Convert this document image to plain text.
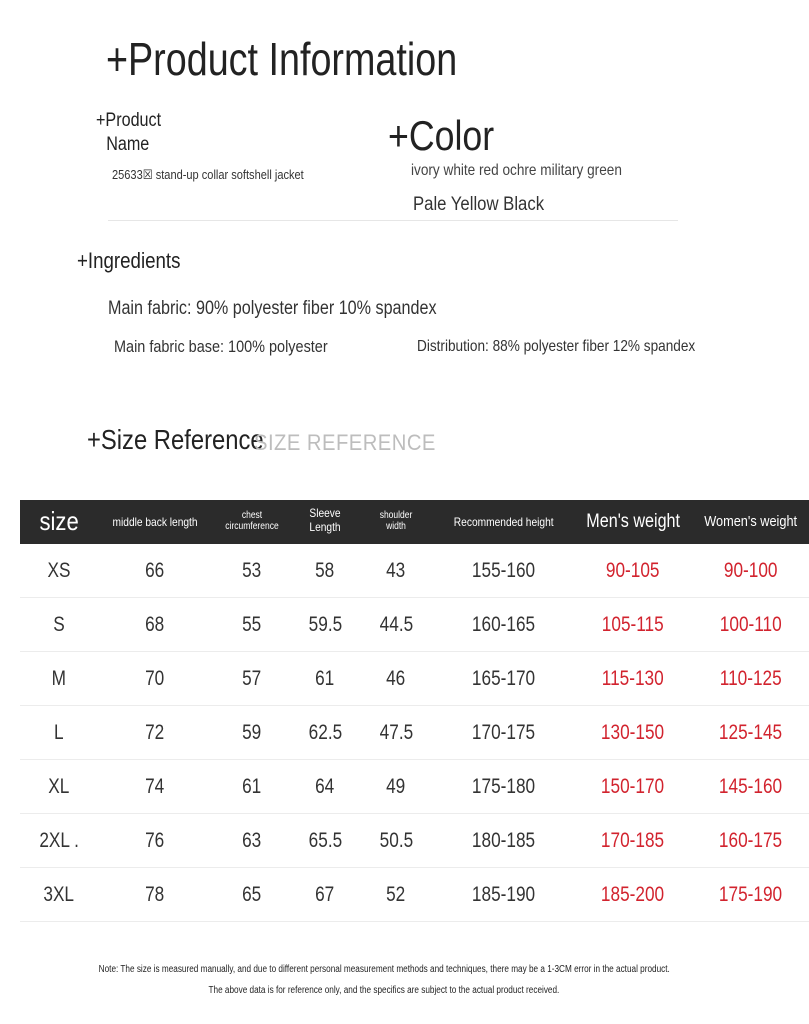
+Product Information
+Product
Name
25633☒ stand-up collar softshell jacket
+Color
ivory white red ochre military green
Pale Yellow Black
+Ingredients
Main fabric: 90% polyester fiber 10% spandex
Main fabric base: 100% polyester	Distribution: 88% polyester fiber 12% spandex
+Size Reference
SIZE REFERENCE
size	middle back length	chest circumference	Sleeve Length	shoulder width	Recommended height	Men's weight	Women's weight
XS	66	53	58	43	155-160	90-105	90-100
S	68	55	59.5	44.5	160-165	105-115	100-110
M	70	57	61	46	165-170	115-130	110-125
L	72	59	62.5	47.5	170-175	130-150	125-145
XL	74	61	64	49	175-180	150-170	145-160
2XL .	76	63	65.5	50.5	180-185	170-185	160-175
3XL	78	65	67	52	185-190	185-200	175-190
Note: The size is measured manually, and due to different personal measurement methods and techniques, there may be a 1-3CM error in the actual product.
The above data is for reference only, and the specifics are subject to the actual product received.
